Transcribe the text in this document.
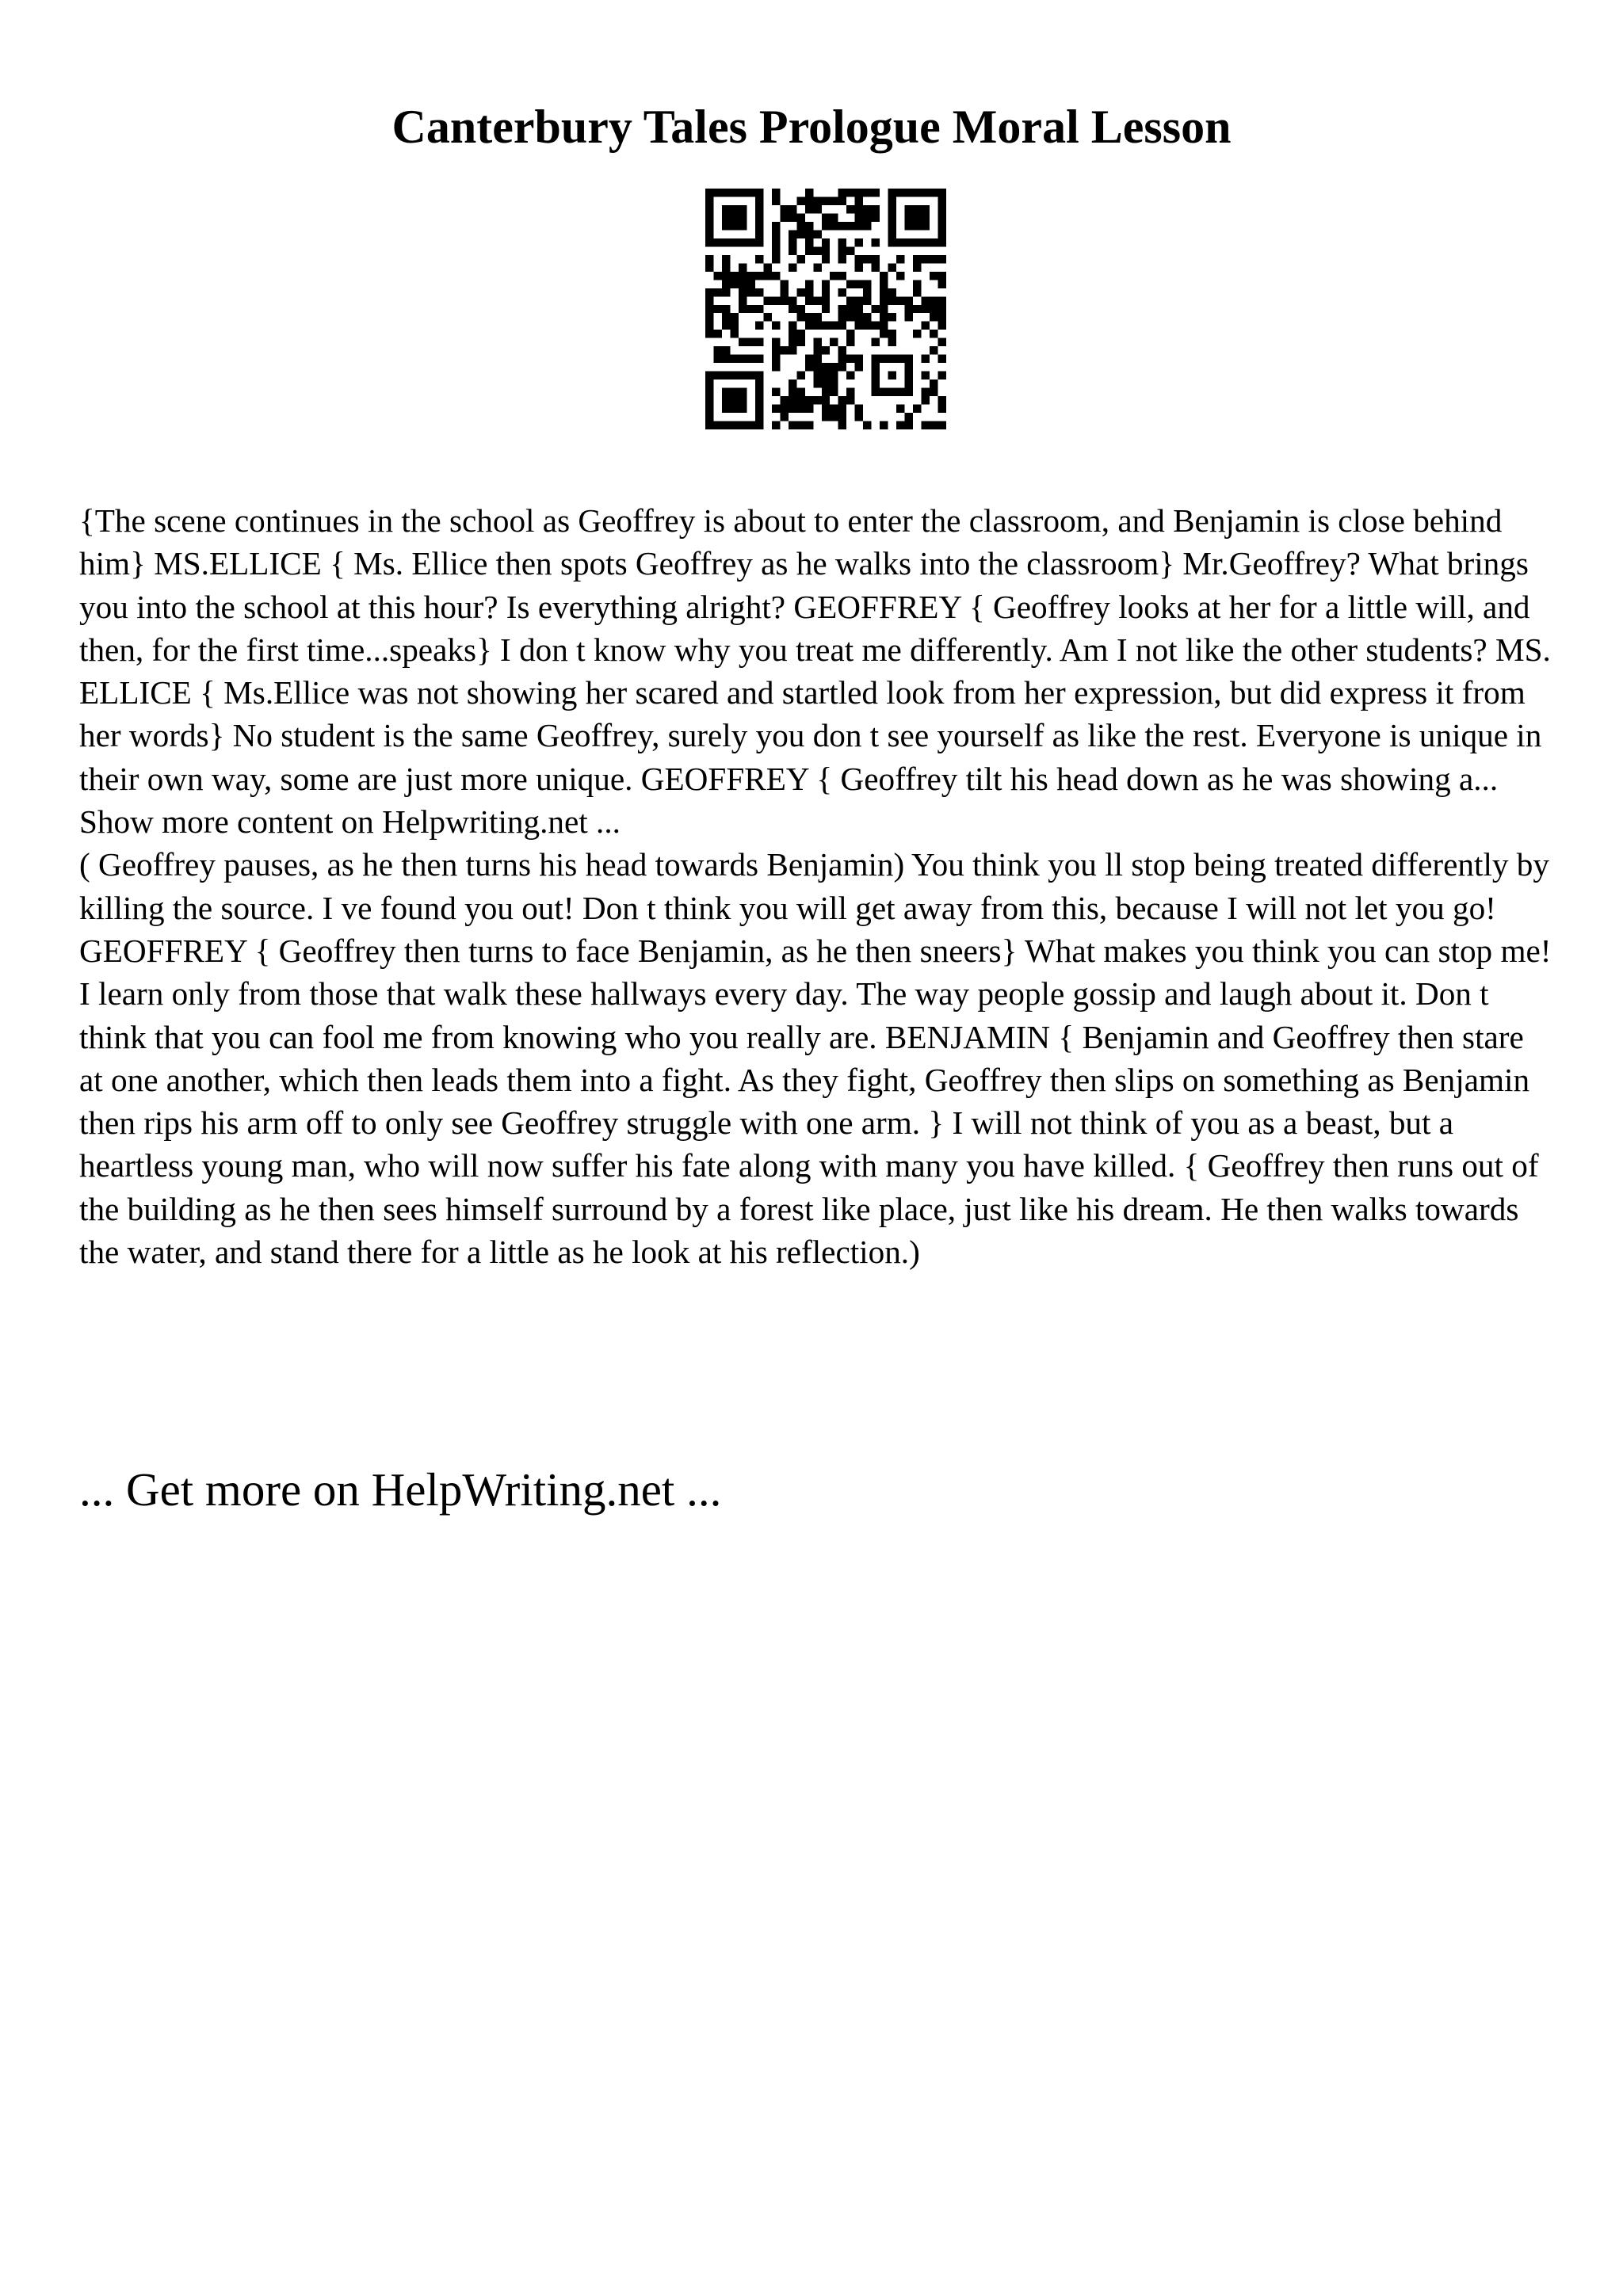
Canterbury Tales Prologue Moral Lesson

{The scene continues in the school as Geoffrey is about to enter the classroom, and Benjamin is close behind him} MS.ELLICE { Ms. Ellice then spots Geoffrey as he walks into the classroom} Mr.Geoffrey? What brings you into the school at this hour? Is everything alright? GEOFFREY { Geoffrey looks at her for a little will, and then, for the first time...speaks} I don t know why you treat me differently. Am I not like the other students? MS. ELLICE { Ms.Ellice was not showing her scared and startled look from her expression, but did express it from her words} No student is the same Geoffrey, surely you don t see yourself as like the rest. Everyone is unique in their own way, some are just more unique. GEOFFREY { Geoffrey tilt his head down as he was showing a... Show more content on Helpwriting.net ...

( Geoffrey pauses, as he then turns his head towards Benjamin) You think you ll stop being treated differently by killing the source. I ve found you out! Don t think you will get away from this, because I will not let you go! GEOFFREY { Geoffrey then turns to face Benjamin, as he then sneers} What makes you think you can stop me! I learn only from those that walk these hallways every day. The way people gossip and laugh about it. Don t think that you can fool me from knowing who you really are. BENJAMIN { Benjamin and Geoffrey then stare at one another, which then leads them into a fight. As they fight, Geoffrey then slips on something as Benjamin then rips his arm off to only see Geoffrey struggle with one arm. } I will not think of you as a beast, but a heartless young man, who will now suffer his fate along with many you have killed. { Geoffrey then runs out of the building as he then sees himself surround by a forest like place, just like his dream. He then walks towards the water, and stand there for a little as he look at his reflection.)

... Get more on HelpWriting.net ...
